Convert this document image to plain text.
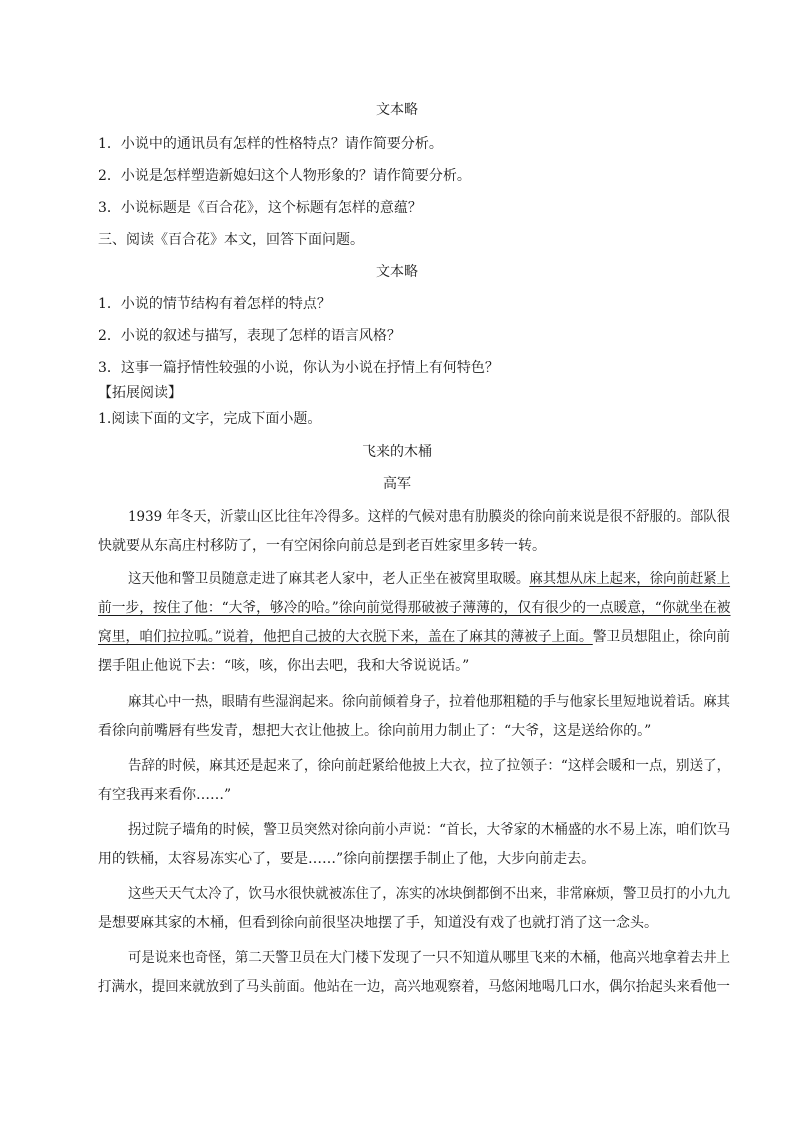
文本略
1．小说中的通讯员有怎样的性格特点？请作简要分析。
2．小说是怎样塑造新媳妇这个人物形象的？请作简要分析。
3．小说标题是《百合花》，这个标题有怎样的意蕴？
三、阅读《百合花》本文，回答下面问题。
文本略
1．小说的情节结构有着怎样的特点？
2．小说的叙述与描写，表现了怎样的语言风格？
3．这事一篇抒情性较强的小说，你认为小说在抒情上有何特色？
【拓展阅读】
1.阅读下面的文字，完成下面小题。
飞来的木桶
高军
1939 年冬天，沂蒙山区比往年冷得多。这样的气候对患有肋膜炎的徐向前来说是很不舒服的。部队很
快就要从东高庄村移防了，一有空闲徐向前总是到老百姓家里多转一转。
这天他和警卫员随意走进了麻其老人家中，老人正坐在被窝里取暖。麻其想从床上起来，徐向前赶紧上
前一步，按住了他：“大爷，够冷的哈。”徐向前觉得那破被子薄薄的，仅有很少的一点暖意，“你就坐在被
窝里，咱们拉拉呱。”说着，他把自己披的大衣脱下来，盖在了麻其的薄被子上面。警卫员想阻止，徐向前
摆手阻止他说下去：“咳，咳，你出去吧，我和大爷说说话。”
麻其心中一热，眼睛有些湿润起来。徐向前倾着身子，拉着他那粗糙的手与他家长里短地说着话。麻其
看徐向前嘴唇有些发青，想把大衣让他披上。徐向前用力制止了：“大爷，这是送给你的。”
告辞的时候，麻其还是起来了，徐向前赶紧给他披上大衣，拉了拉领子：“这样会暖和一点，别送了，
有空我再来看你……”
拐过院子墙角的时候，警卫员突然对徐向前小声说：“首长，大爷家的木桶盛的水不易上冻，咱们饮马
用的铁桶，太容易冻实心了，要是……”徐向前摆摆手制止了他，大步向前走去。
这些天天气太冷了，饮马水很快就被冻住了，冻实的冰块倒都倒不出来，非常麻烦，警卫员打的小九九
是想要麻其家的木桶，但看到徐向前很坚决地摆了手，知道没有戏了也就打消了这一念头。
可是说来也奇怪，第二天警卫员在大门楼下发现了一只不知道从哪里飞来的木桶，他高兴地拿着去井上
打满水，提回来就放到了马头前面。他站在一边，高兴地观察着，马悠闲地喝几口水，偶尔抬起头来看他一
